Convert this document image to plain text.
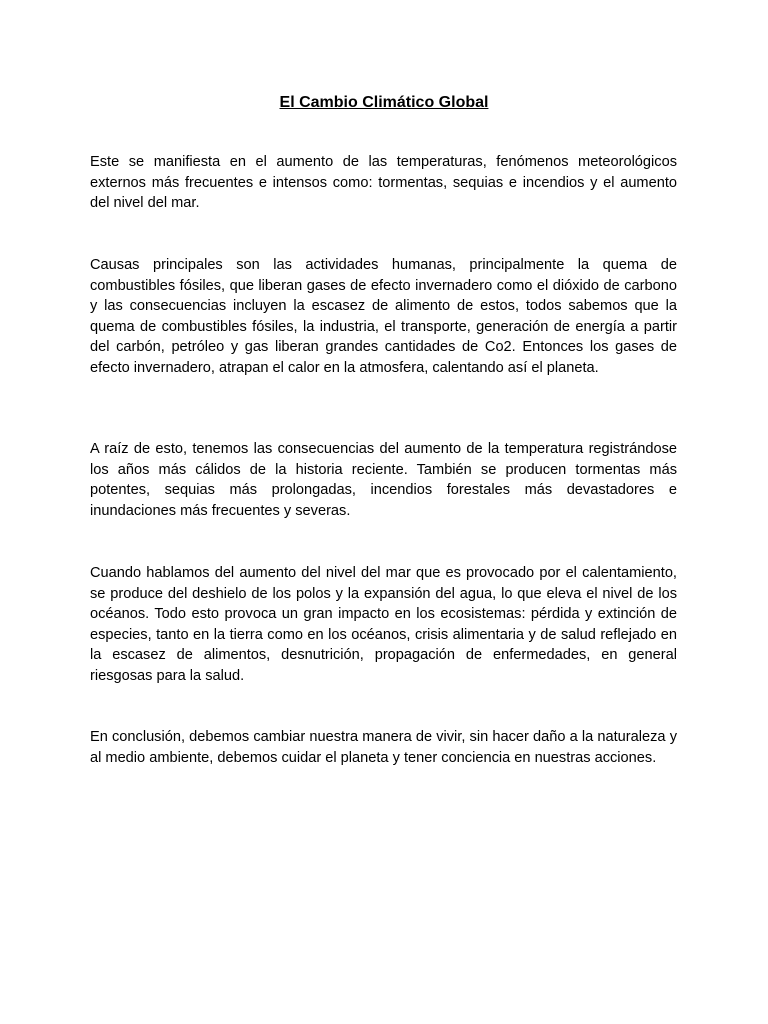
El Cambio Climático Global

Este se manifiesta en el aumento de las temperaturas, fenómenos meteorológicos externos más frecuentes e intensos como: tormentas, sequias e incendios y el aumento del nivel del mar.

Causas principales son las actividades humanas, principalmente la quema de combustibles fósiles, que liberan gases de efecto invernadero como el dióxido de carbono y las consecuencias incluyen la escasez de alimento de estos, todos sabemos que la quema de combustibles fósiles, la industria, el transporte, generación de energía a partir del carbón, petróleo y gas liberan grandes cantidades de Co2. Entonces los gases de efecto invernadero, atrapan el calor en la atmosfera, calentando así el planeta.

A raíz de esto, tenemos las consecuencias del aumento de la temperatura registrándose los años más cálidos de la historia reciente. También se producen tormentas más potentes, sequias más prolongadas, incendios forestales más devastadores e inundaciones más frecuentes y severas.

Cuando hablamos del aumento del nivel del mar que es provocado por el calentamiento, se produce del deshielo de los polos y la expansión del agua, lo que eleva el nivel de los océanos. Todo esto provoca un gran impacto en los ecosistemas: pérdida y extinción de especies, tanto en la tierra como en los océanos, crisis alimentaria y de salud reflejado en la escasez de alimentos, desnutrición, propagación de enfermedades, en general riesgosas para la salud.

En conclusión, debemos cambiar nuestra manera de vivir, sin hacer daño a la naturaleza y al medio ambiente, debemos cuidar el planeta y tener conciencia en nuestras acciones.
